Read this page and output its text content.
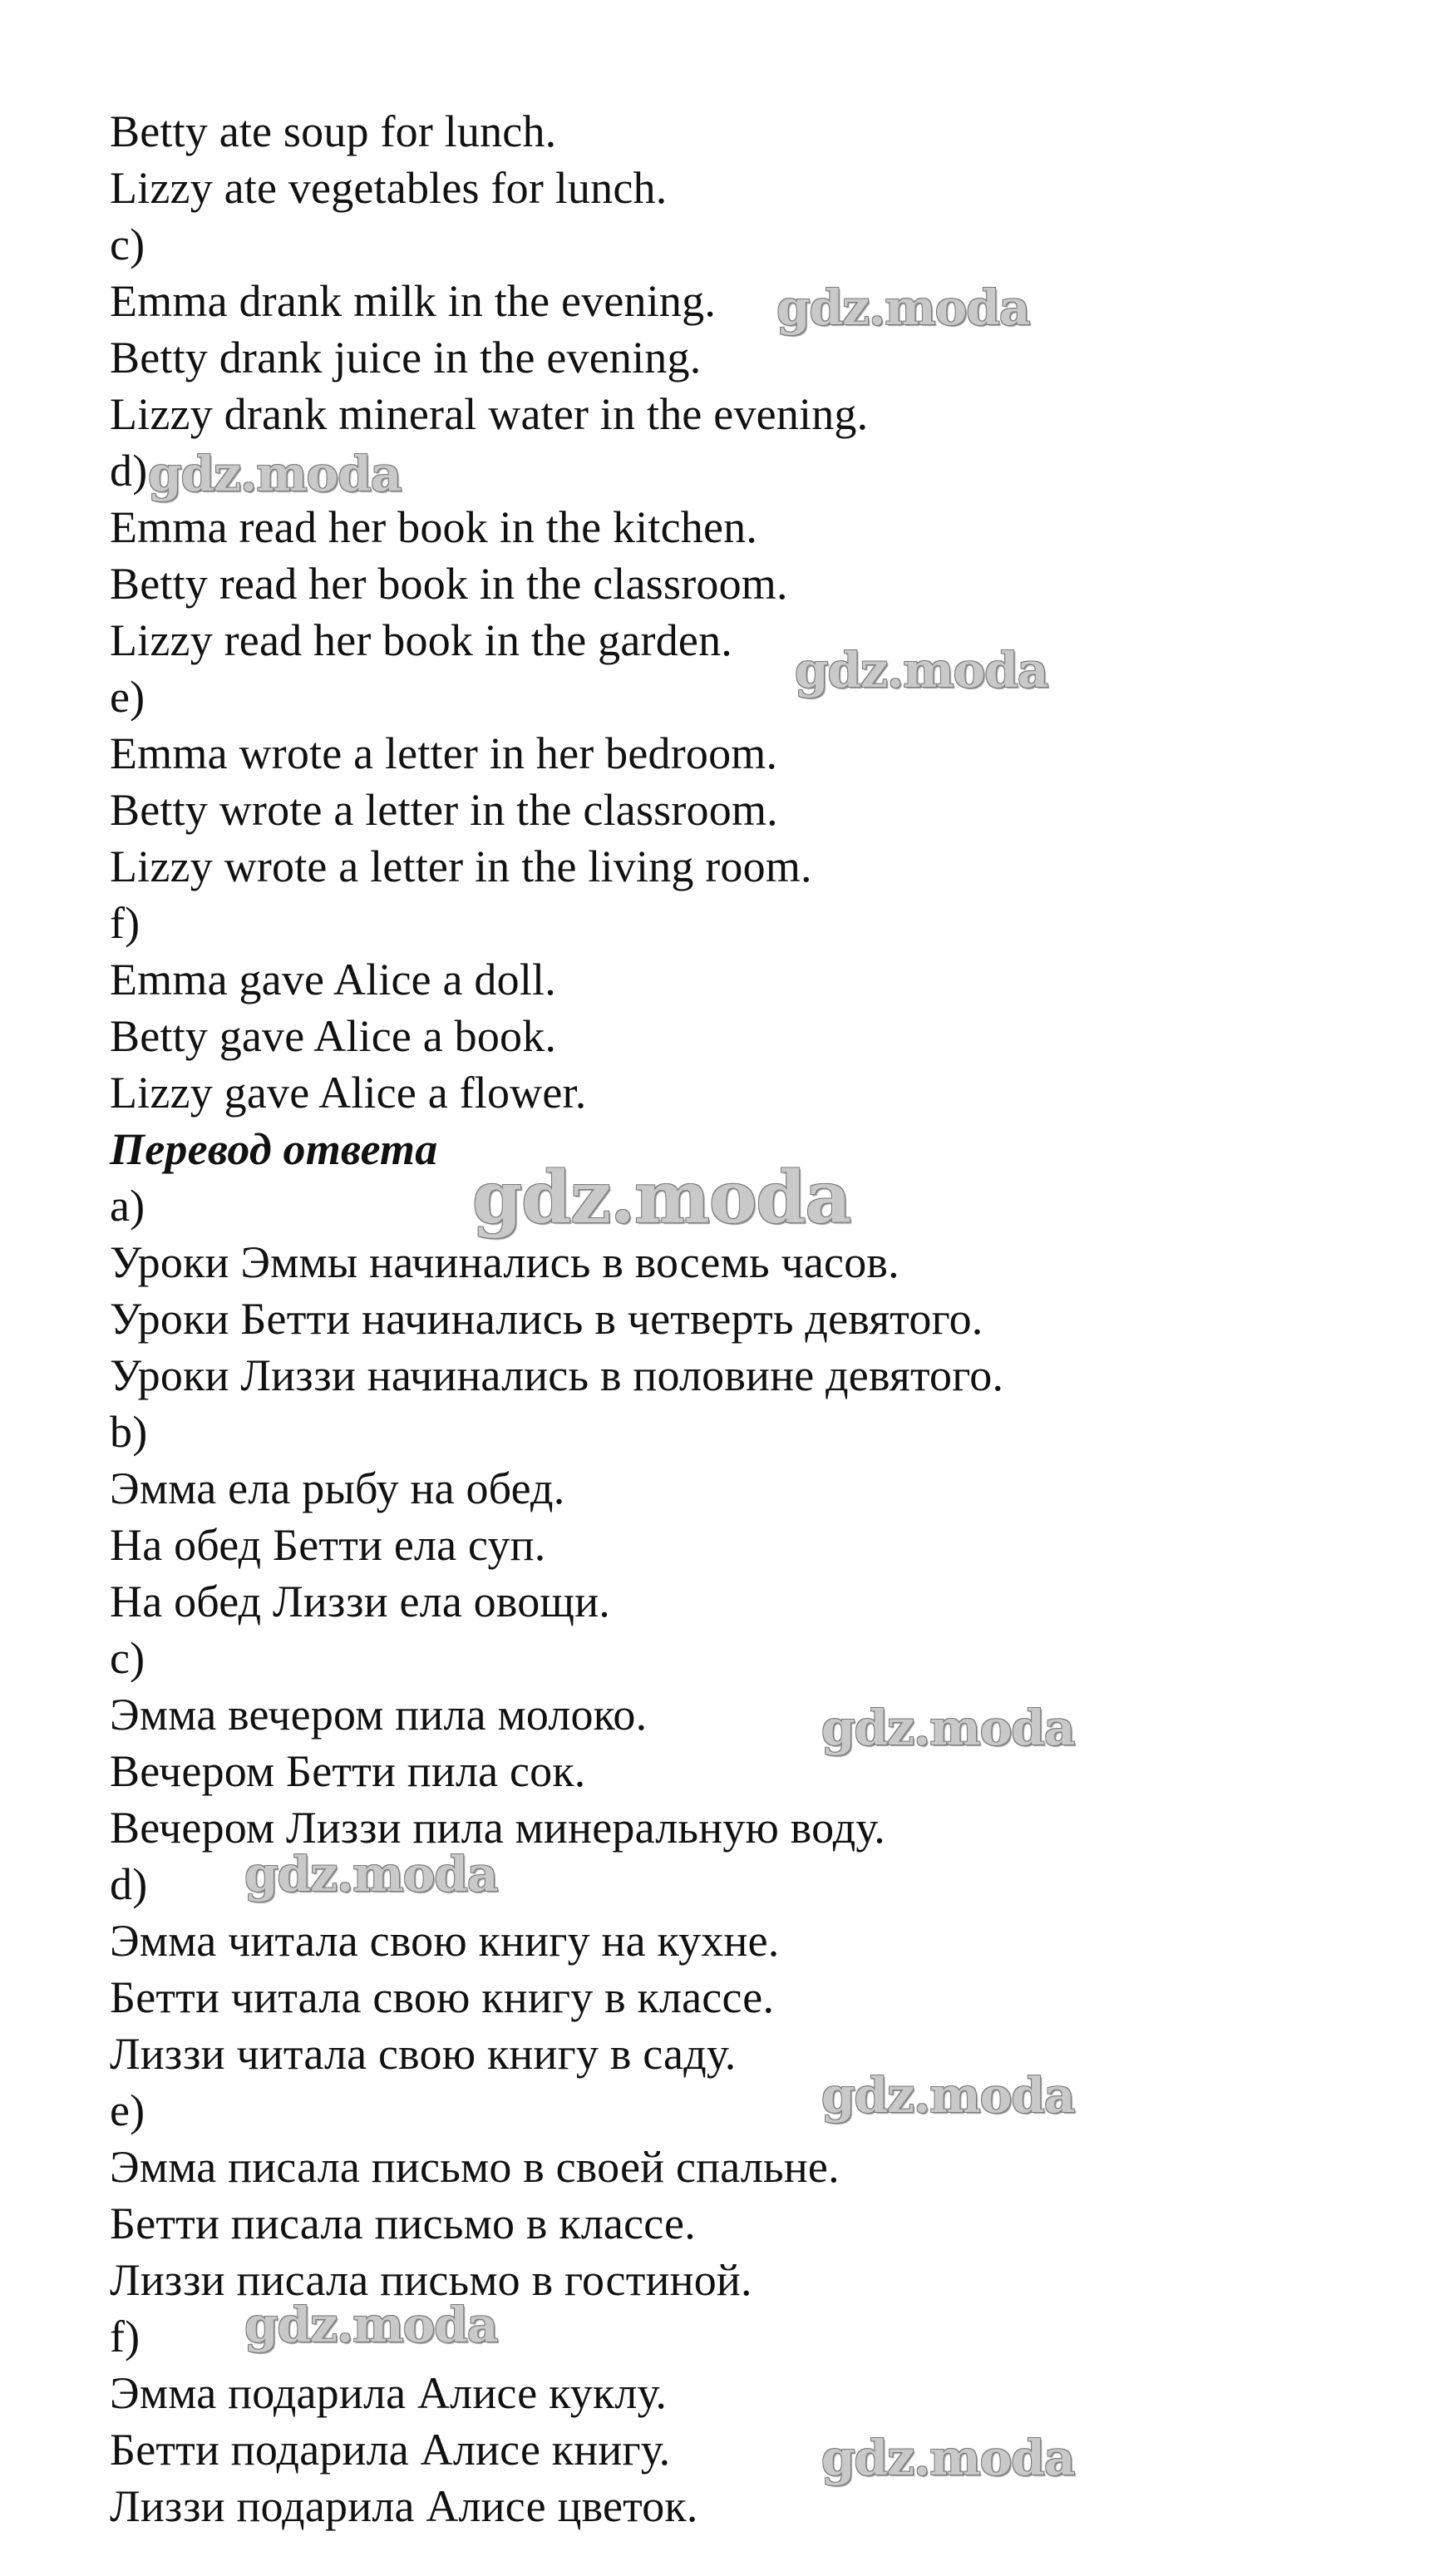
Betty ate soup for lunch.
Lizzy ate vegetables for lunch.
c)
Emma drank milk in the evening.
Betty drank juice in the evening.
Lizzy drank mineral water in the evening.
d)
Emma read her book in the kitchen.
Betty read her book in the classroom.
Lizzy read her book in the garden.
e)
Emma wrote a letter in her bedroom.
Betty wrote a letter in the classroom.
Lizzy wrote a letter in the living room.
f)
Emma gave Alice a doll.
Betty gave Alice a book.
Lizzy gave Alice a flower.
Перевод ответа
a)
Уроки Эммы начинались в восемь часов.
Уроки Бетти начинались в четверть девятого.
Уроки Лиззи начинались в половине девятого.
b)
Эмма ела рыбу на обед.
На обед Бетти ела суп.
На обед Лиззи ела овощи.
c)
Эмма вечером пила молоко.
Вечером Бетти пила сок.
Вечером Лиззи пила минеральную воду.
d)
Эмма читала свою книгу на кухне.
Бетти читала свою книгу в классе.
Лиззи читала свою книгу в саду.
e)
Эмма писала письмо в своей спальне.
Бетти писала письмо в классе.
Лиззи писала письмо в гостиной.
f)
Эмма подарила Алисе куклу.
Бетти подарила Алисе книгу.
Лиззи подарила Алисе цветок.
gdz.moda
gdz.moda
gdz.moda
gdz.moda
gdz.moda
gdz.moda
gdz.moda
gdz.moda
gdz.moda
